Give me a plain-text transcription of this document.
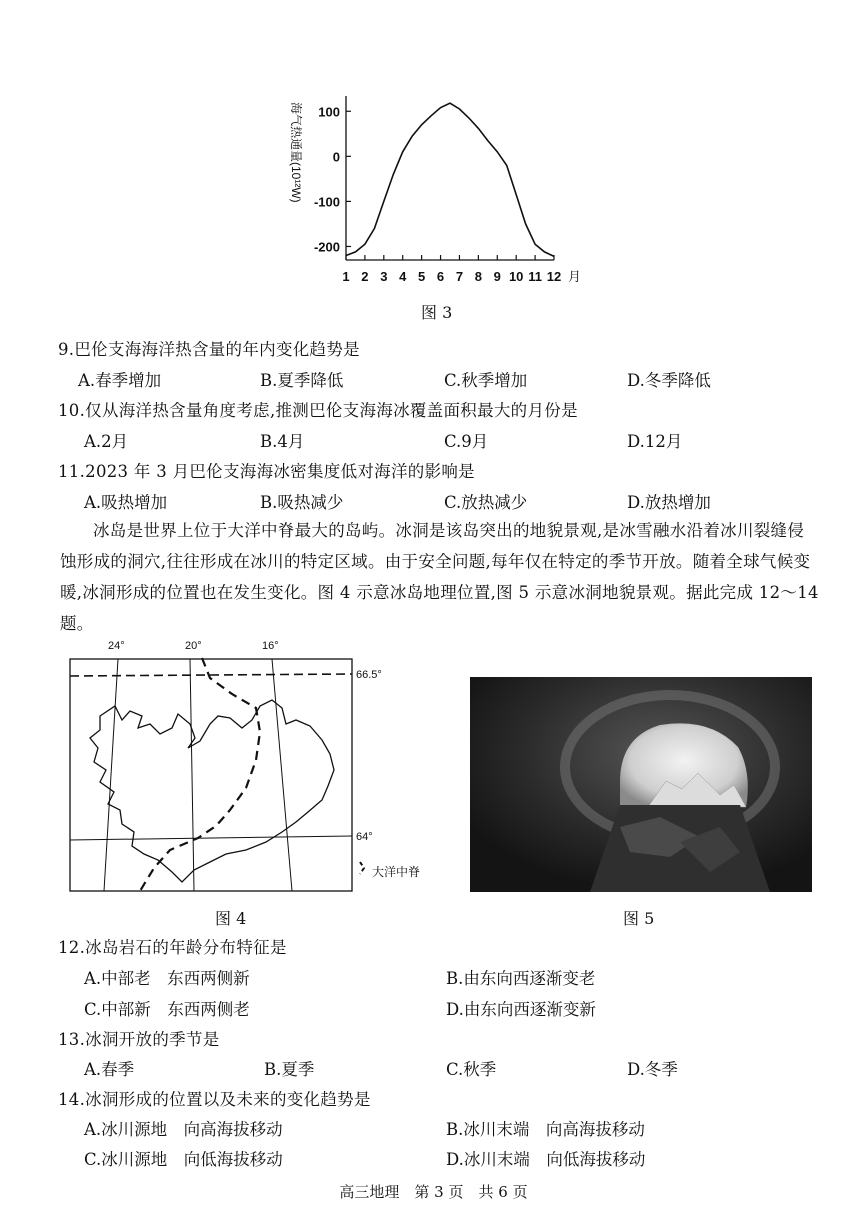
海气热通量(10¹²W) 100
0
-100
-200
1 2 3 4 5 6 7 8 9 10 11 12 月
图 3
9.巴伦支海海洋热含量的年内变化趋势是
A.春季增加	B.夏季降低	C.秋季增加	D.冬季降低
10.仅从海洋热含量角度考虑,推测巴伦支海海冰覆盖面积最大的月份是
A.2月	B.4月	C.9月	D.12月
11.2023 年 3 月巴伦支海海冰密集度低对海洋的影响是
A.吸热增加	B.吸热减少	C.放热减少	D.放热增加
冰岛是世界上位于大洋中脊最大的岛屿。冰洞是该岛突出的地貌景观,是冰雪融水沿着冰川裂缝侵蚀形成的洞穴,往往形成在冰川的特定区域。由于安全问题,每年仅在特定的季节开放。随着全球气候变暖,冰洞形成的位置也在发生变化。图 4 示意冰岛地理位置,图 5 示意冰洞地貌景观。据此完成 12～14 题。
24°	20°	16°
66.5°
64°
大洋中脊
图 4	图 5
12.冰岛岩石的年龄分布特征是
A.中部老　东西两侧新	B.由东向西逐渐变老
C.中部新　东西两侧老	D.由东向西逐渐变新
13.冰洞开放的季节是
A.春季	B.夏季	C.秋季	D.冬季
14.冰洞形成的位置以及未来的变化趋势是
A.冰川源地　向高海拔移动	B.冰川末端　向高海拔移动
C.冰川源地　向低海拔移动	D.冰川末端　向低海拔移动
高三地理　第 3 页　共 6 页
